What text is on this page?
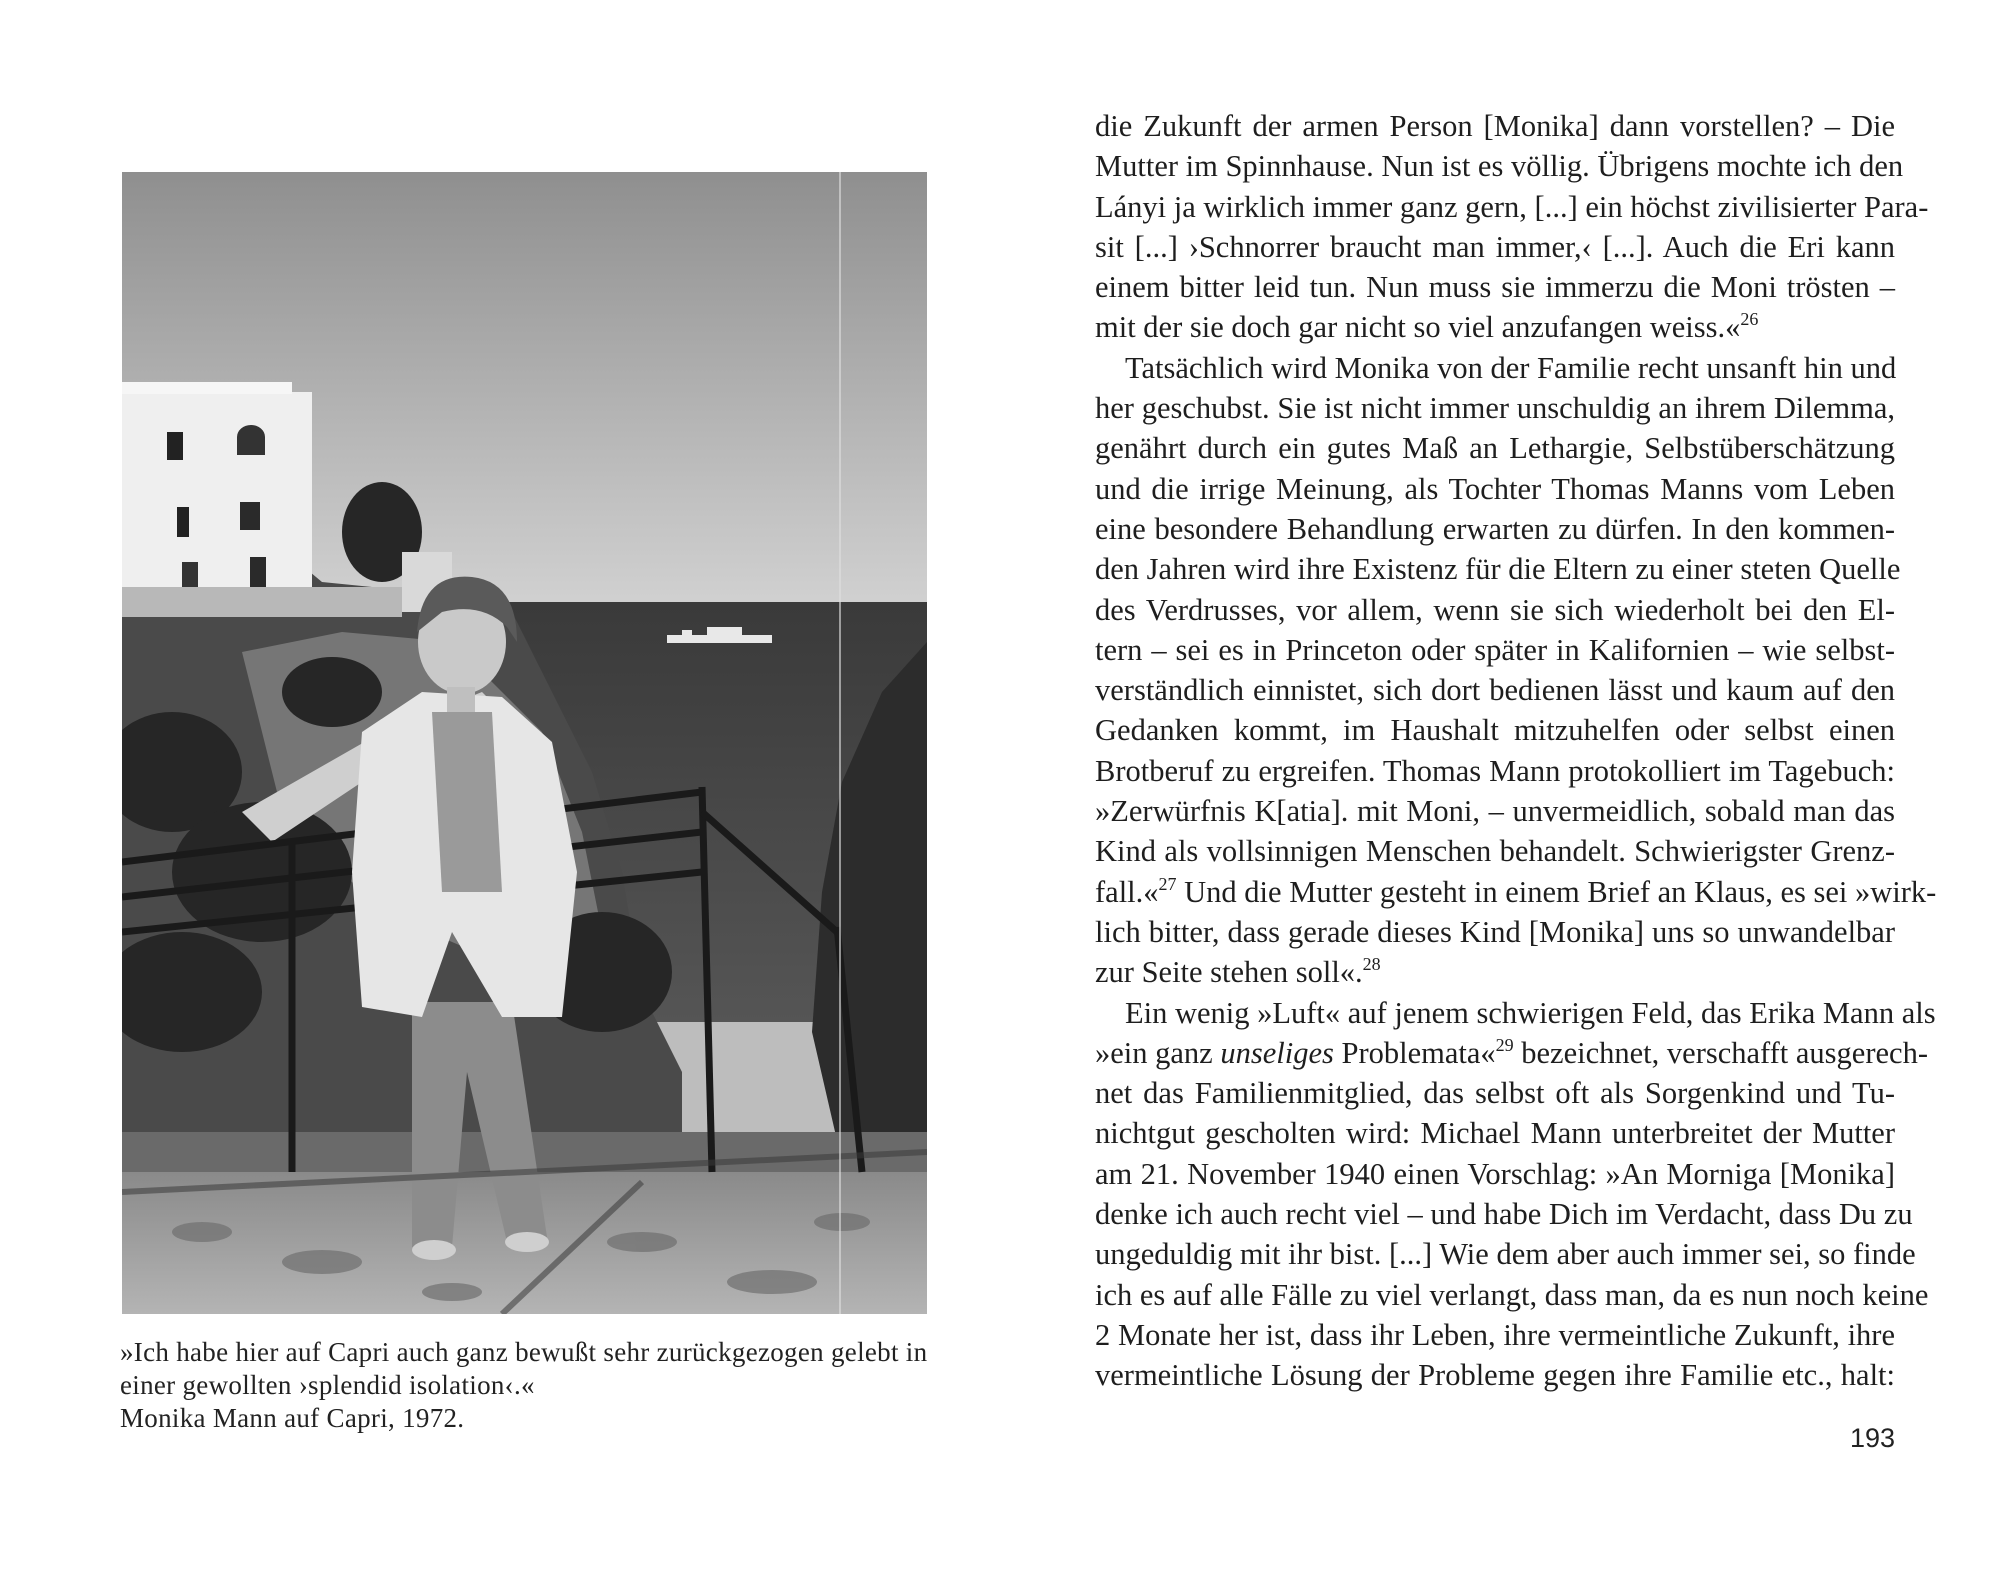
»Ich habe hier auf Capri auch ganz bewußt sehr zurückgezogen gelebt in

einer gewollten ›splendid isolation‹.«

Monika Mann auf Capri, 1972.

die Zukunft der armen Person [Monika] dann vorstellen? – Die
Mutter im Spinnhause. Nun ist es völlig. Übrigens mochte ich den
Lányi ja wirklich immer ganz gern, [...] ein höchst zivilisierter Para-
sit [...] ›Schnorrer braucht man immer,‹ [...]. Auch die Eri kann
einem bitter leid tun. Nun muss sie immerzu die Moni trösten –
mit der sie doch gar nicht so viel anzufangen weiss.«$^{26}$
Tatsächlich wird Monika von der Familie recht unsanft hin und
her geschubst. Sie ist nicht immer unschuldig an ihrem Dilemma,
genährt durch ein gutes Maß an Lethargie, Selbstüberschätzung
und die irrige Meinung, als Tochter Thomas Manns vom Leben
eine besondere Behandlung erwarten zu dürfen. In den kommen-
den Jahren wird ihre Existenz für die Eltern zu einer steten Quelle
des Verdrusses, vor allem, wenn sie sich wiederholt bei den El-
tern – sei es in Princeton oder später in Kalifornien – wie selbst-
verständlich einnistet, sich dort bedienen lässt und kaum auf den
Gedanken kommt, im Haushalt mitzuhelfen oder selbst einen
Brotberuf zu ergreifen. Thomas Mann protokolliert im Tagebuch:
»Zerwürfnis K[atia]. mit Moni, – unvermeidlich, sobald man das
Kind als vollsinnigen Menschen behandelt. Schwierigster Grenz-
fall.«$^{27}$ Und die Mutter gesteht in einem Brief an Klaus, es sei »wirk-
lich bitter, dass gerade dieses Kind [Monika] uns so unwandelbar
zur Seite stehen soll«.$^{28}$
Ein wenig »Luft« auf jenem schwierigen Feld, das Erika Mann als
»ein ganz unseliges Problemata«$^{29}$ bezeichnet, verschafft ausgerech-
net das Familienmitglied, das selbst oft als Sorgenkind und Tu-
nichtgut gescholten wird: Michael Mann unterbreitet der Mutter
am 21. November 1940 einen Vorschlag: »An Morniga [Monika]
denke ich auch recht viel – und habe Dich im Verdacht, dass Du zu
ungeduldig mit ihr bist. [...] Wie dem aber auch immer sei, so finde
ich es auf alle Fälle zu viel verlangt, dass man, da es nun noch keine
2 Monate her ist, dass ihr Leben, ihre vermeintliche Zukunft, ihre
vermeintliche Lösung der Probleme gegen ihre Familie etc., halt:
193
